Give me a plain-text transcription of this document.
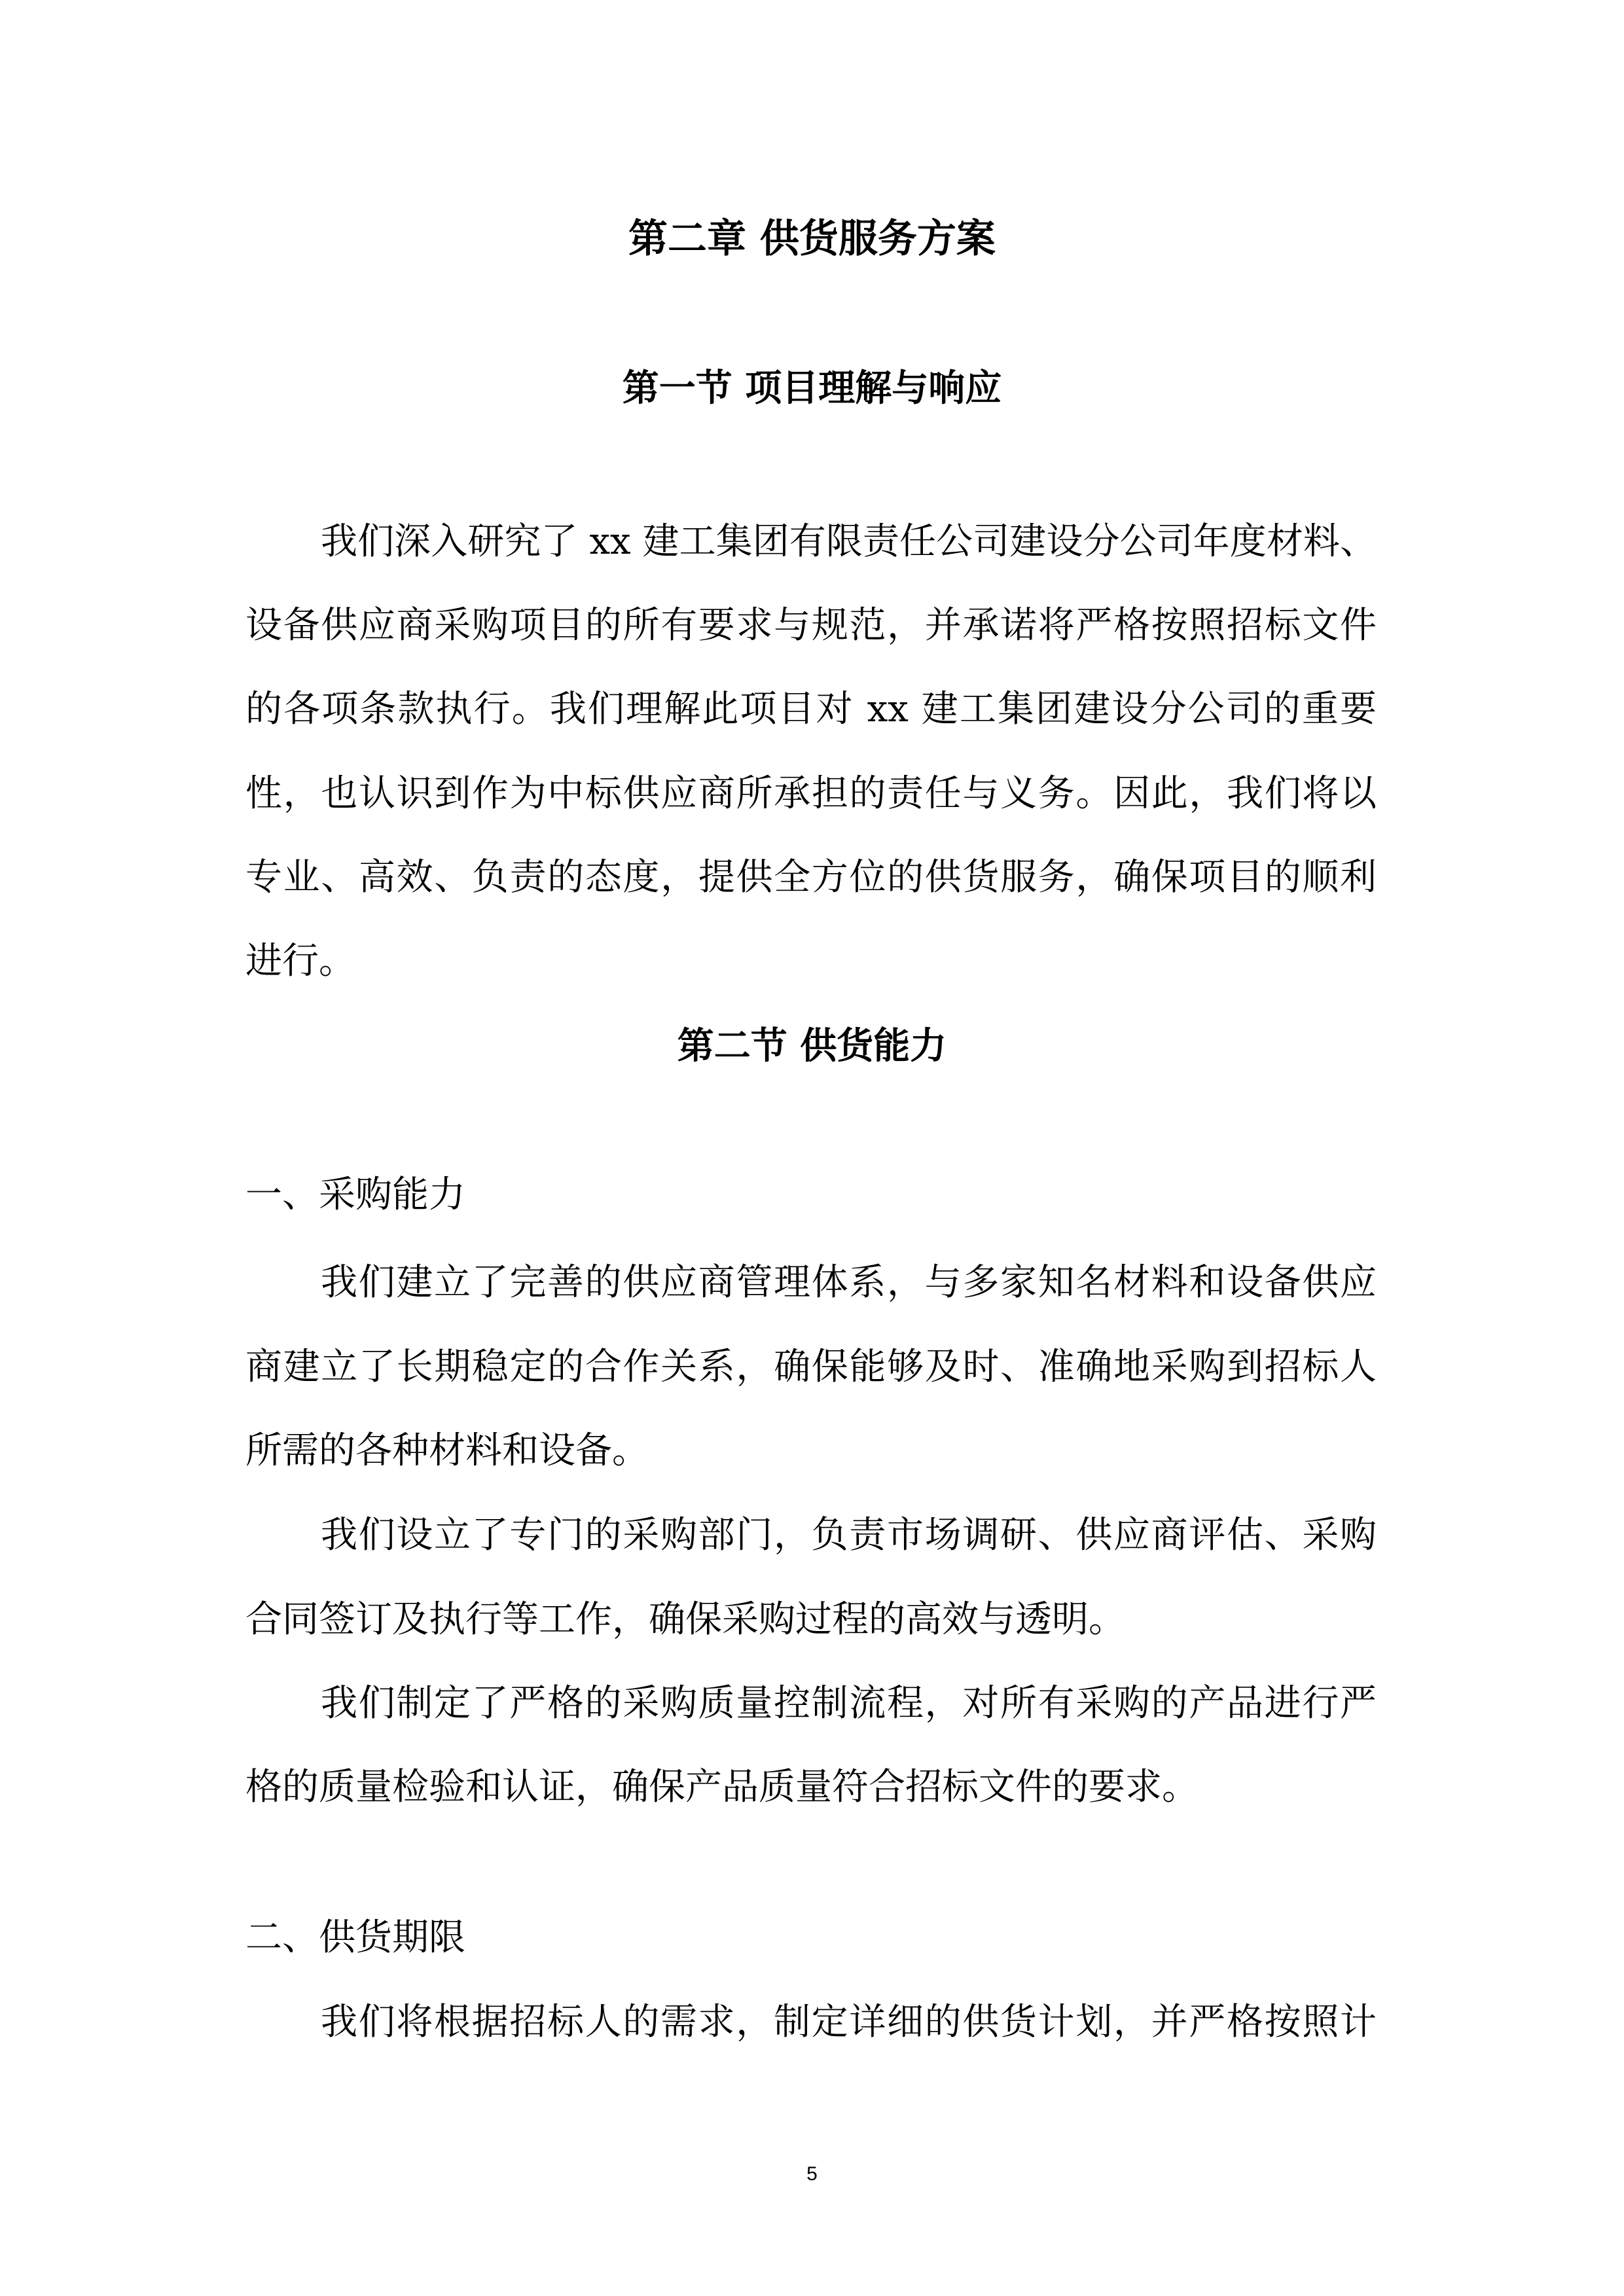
第二章 供货服务方案
第一节 项目理解与响应
我们深入研究了 xx 建工集团有限责任公司建设分公司年度材料、
设备供应商采购项目的所有要求与规范，并承诺将严格按照招标文件
的各项条款执行。我们理解此项目对 xx 建工集团建设分公司的重要
性，也认识到作为中标供应商所承担的责任与义务。因此，我们将以
专业、高效、负责的态度，提供全方位的供货服务，确保项目的顺利
进行。
第二节 供货能力
一、采购能力
我们建立了完善的供应商管理体系，与多家知名材料和设备供应
商建立了长期稳定的合作关系，确保能够及时、准确地采购到招标人
所需的各种材料和设备。
我们设立了专门的采购部门，负责市场调研、供应商评估、采购
合同签订及执行等工作，确保采购过程的高效与透明。
我们制定了严格的采购质量控制流程，对所有采购的产品进行严
格的质量检验和认证，确保产品质量符合招标文件的要求。
二、供货期限
我们将根据招标人的需求，制定详细的供货计划，并严格按照计
5
